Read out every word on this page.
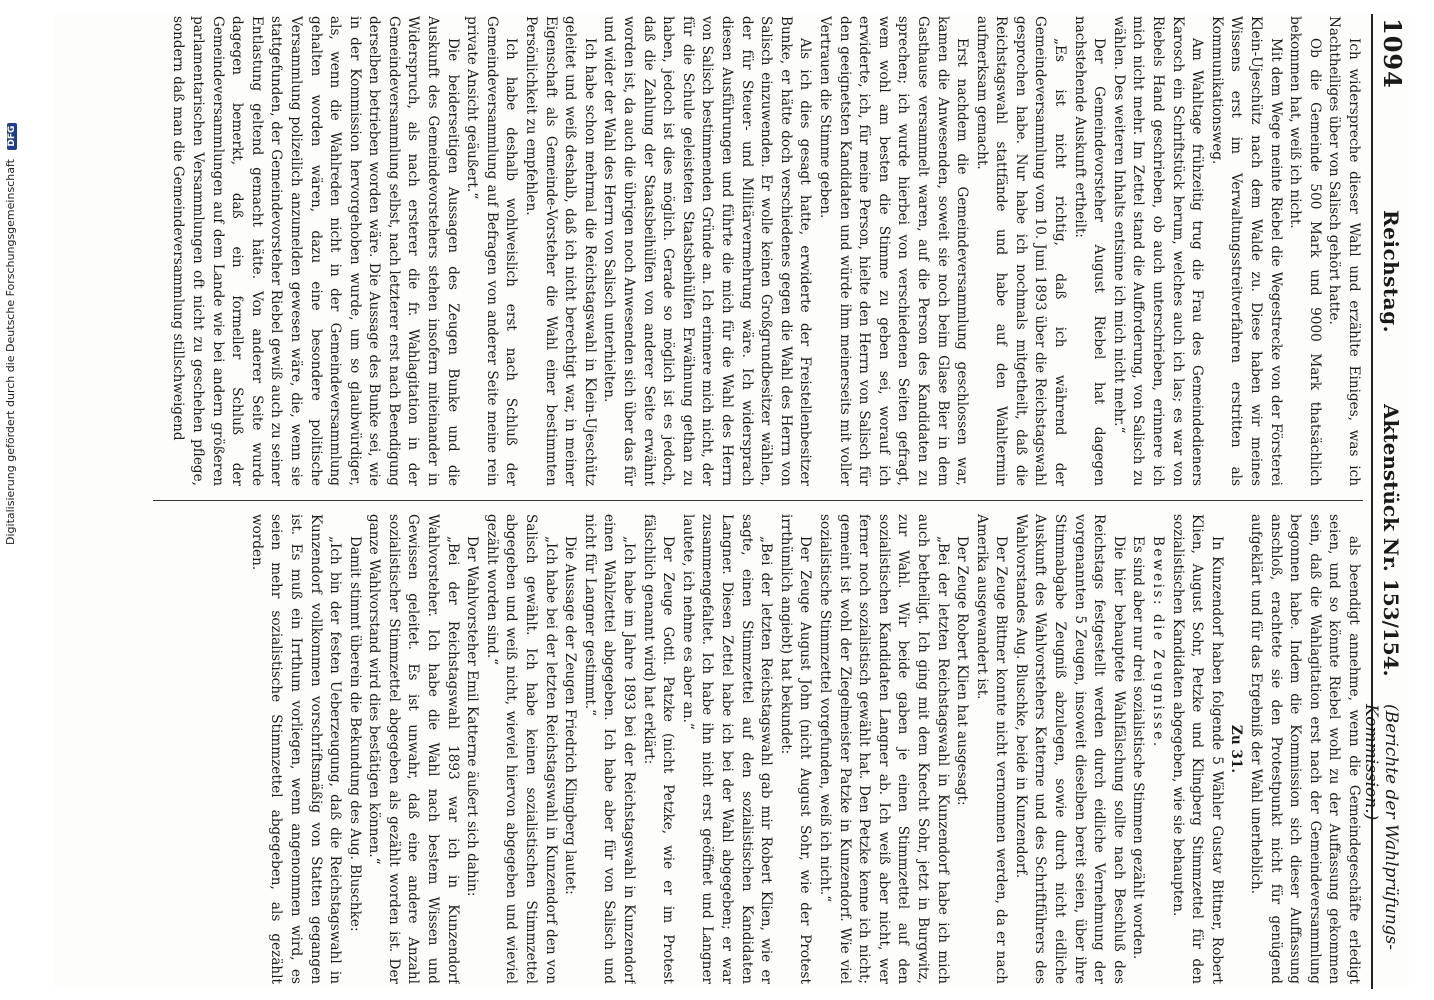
1094
Reichstag.
Aktenstück Nr. 153/154.
(Berichte der Wahlprüfungs-Kommission.)

Ich widerspreche dieser Wahl und erzählte Einiges, was ich Nachtheiliges über von Salisch gehört hatte.

Ob die Gemeinde 500 Mark und 9000 Mark thatsächlich bekommen hat, weiß ich nicht.

Mit dem Wege meinte Riebel die Wegestrecke von der Försterei Klein-Ujeschütz nach dem Walde zu. Diese haben wir meines Wissens erst im Verwaltungsstreitverfahren erstritten als Kommunikationsweg.

Am Wahltage frühzeitig trug die Frau des Gemeindedieners Karosch ein Schriftstück herum, welches auch ich las; es war von Riebels Hand geschrieben, ob auch unterschrieben, erinnere ich mich nicht mehr. Im Zettel stand die Aufforderung, von Salisch zu wählen. Des weiteren Inhalts entsinne ich mich nicht mehr.“

Der Gemeindevorsteher August Riebel hat dagegen nachstehende Auskunft ertheilt:

„Es ist nicht richtig, daß ich während der Gemeindeversammlung vom 10. Juni 1893 über die Reichstagswahl gesprochen habe. Nur habe ich nochmals mitgetheilt, daß die Reichstagswahl stattfände und habe auf den Wahltermin aufmerksam gemacht.

Erst nachdem die Gemeindeversammlung geschlossen war, kamen die Anwesenden, soweit sie noch beim Glase Bier in dem Gasthause versammelt waren, auf die Person des Kandidaten zu sprechen; ich wurde hierbei von verschiedenen Seiten gefragt, wem wohl am besten die Stimme zu geben sei, worauf ich erwiderte, ich, für meine Person, hielte den Herrn von Salisch für den geeignetsten Kandidaten und würde ihm meinerseits mit voller Vertrauen die Stimme geben.

Als ich dies gesagt hatte, erwiderte der Freistellenbesitzer Bunke, er hätte doch verschiedenes gegen die Wahl des Herrn von Salisch einzuwenden. Er wolle keinen Großgrundbesitzer wählen, der für Steuer- und Militärvermehrung wäre. Ich widersprach diesen Ausführungen und führte die mich für die Wahl des Herrn von Salisch bestimmenden Gründe an. Ich erinnere mich nicht, der für die Schule geleisteten Staatsbeihülfen Erwähnung gethan zu haben, jedoch ist dies möglich. Gerade so möglich ist es jedoch, daß die Zahlung der Staatsbeihülfen von anderer Seite erwähnt worden ist, da auch die übrigen noch Anwesenden sich über das für und wider der Wahl des Herrn von Salisch unterhielten.

Ich habe schon mehrmal die Reichstagswahl in Klein-Ujeschütz geleitet und weiß deshalb, daß ich nicht berechtigt war, in meiner Eigenschaft als Gemeinde-Vorsteher die Wahl einer bestimmten Persönlichkeit zu empfehlen.

Ich habe deshalb wohlweislich erst nach Schluß der Gemeindeversammlung auf Befragen von anderer Seite meine rein private Ansicht geäußert.“

Die beiderseitigen Aussagen des Zeugen Bunke und die Auskunft des Gemeindevorstehers stehen insofern miteinander in Widerspruch, als nach ersterer die fr. Wahlagitation in der Gemeindeversammlung selbst, nach letzterer erst nach Beendigung derselben betrieben worden wäre. Die Aussage des Bunke sei, wie in der Kommission hervorgehoben wurde, um so glaubwürdiger, als, wenn die Wahlreden nicht in der Gemeindeversammlung gehalten worden wären, dazu eine besondere politische Versammlung polizeilich anzumelden gewesen wäre, die, wenn sie stattgefunden, der Gemeindevorsteher Riebel gewiß auch zu seiner Entlastung geltend gemacht hätte. Von anderer Seite wurde dagegen bemerkt, daß ein formeller Schluß der Gemeindeversammlungen auf dem Lande wie bei andern größeren parlamentarischen Versammlungen oft nicht zu geschehen pflege, sondern daß man die Gemeindeversammlung stillschweigend

als beendigt annehme, wenn die Gemeindegeschäfte erledigt seien, und so könnte Riebel wohl zu der Auffassung gekommen sein, daß die Wahlagitation erst nach der Gemeindeversammlung begonnen habe. Indem die Kommission sich dieser Auffassung anschloß, erachtete sie den Protestpunkt nicht für genügend aufgeklärt und für das Ergebniß der Wahl unerheblich.

Zu 31.

In Kunzendorf haben folgende 5 Wähler Gustav Bittner, Robert Klien, August Sohr, Petzke und Klingberg Stimmzettel für den sozialistischen Kandidaten abgegeben, wie sie behaupten.

Beweis: die Zeugnisse.

Es sind aber nur drei sozialistische Stimmen gezählt worden.

Die hier behauptete Wahlfälschung sollte nach Beschluß des Reichstags festgestellt werden durch eidliche Vernehmung der vorgenannten 5 Zeugen, insoweit dieselben bereit seien, über ihre Stimmabgabe Zeugniß abzulegen, sowie durch nicht eidliche Auskunft des Wahlvorstehers Katterne und des Schriftführers des Wahlvorstandes Aug. Bluschke, beide in Kunzendorf.

Der Zeuge Bittner konnte nicht vernommen werden, da er nach Amerika ausgewandert ist.

Der Zeuge Robert Klien hat ausgesagt:

„Bei der letzten Reichstagswahl in Kunzendorf habe ich mich auch betheiligt. Ich ging mit dem Knecht Sohr, jetzt in Burgwitz, zur Wahl. Wir beide gaben je einen Stimmzettel auf den sozialistischen Kandidaten Langner ab. Ich weiß aber nicht, wer ferner noch sozialistisch gewählt hat. Den Petzke kenne ich nicht; gemeint ist wohl der Ziegelmeister Patzke in Kunzendorf. Wie viel sozialistische Stimmzettel vorgefunden, weiß ich nicht.“

Der Zeuge August John (nicht August Sohr, wie der Protest irrthümlich angiebt) hat bekundet:

„Bei der letzten Reichstagswahl gab mir Robert Klien, wie er sagte, einen Stimmzettel auf den sozialistischen Kandidaten Langner. Diesen Zettel habe ich bei der Wahl abgegeben; er war zusammengefaltet. Ich habe ihn nicht erst geöffnet und Langner lautete, ich nehme es aber an.“

Der Zeuge Gottl. Patzke (nicht Petzke, wie er im Protest fälschlich genannt wird) hat erklärt:

„Ich habe im Jahre 1893 bei der Reichstagswahl in Kunzendorf einen Wahlzettel abgegeben. Ich habe aber für von Salisch und nicht für Langner gestimmt.“

Die Aussage der Zeugen Friedrich Klingberg lautet:

„Ich habe bei der letzten Reichstagswahl in Kunzendorf den von Salisch gewählt. Ich habe keinen sozialistischen Stimmzettel abgegeben und weiß nicht, wieviel hiervon abgegeben und wieviel gezählt worden sind.“

Der Wahlvorsteher Emil Katterne äußert sich dahin:

„Bei der Reichstagswahl 1893 war ich in Kunzendorf Wahlvorsteher. Ich habe die Wahl nach bestem Wissen und Gewissen geleitet. Es ist unwahr, daß eine andere Anzahl sozialistischer Stimmzettel abgegeben als gezählt worden ist. Der ganze Wahlvorstand wird dies bestätigen können.“

Damit stimmt überein die Bekundung des Aug. Bluschke:

„Ich bin der festen Ueberzeugung, daß die Reichstagswahl in Kunzendorf vollkommen vorschriftsmäßig von Statten gegangen ist. Es muß ein Irrthum vorliegen, wenn angenommen wird, es seien mehr sozialistische Stimmzettel abgegeben, als gezählt worden.

Digitalisierung gefördert durch die Deutsche Forschungsgemeinschaft DFG
